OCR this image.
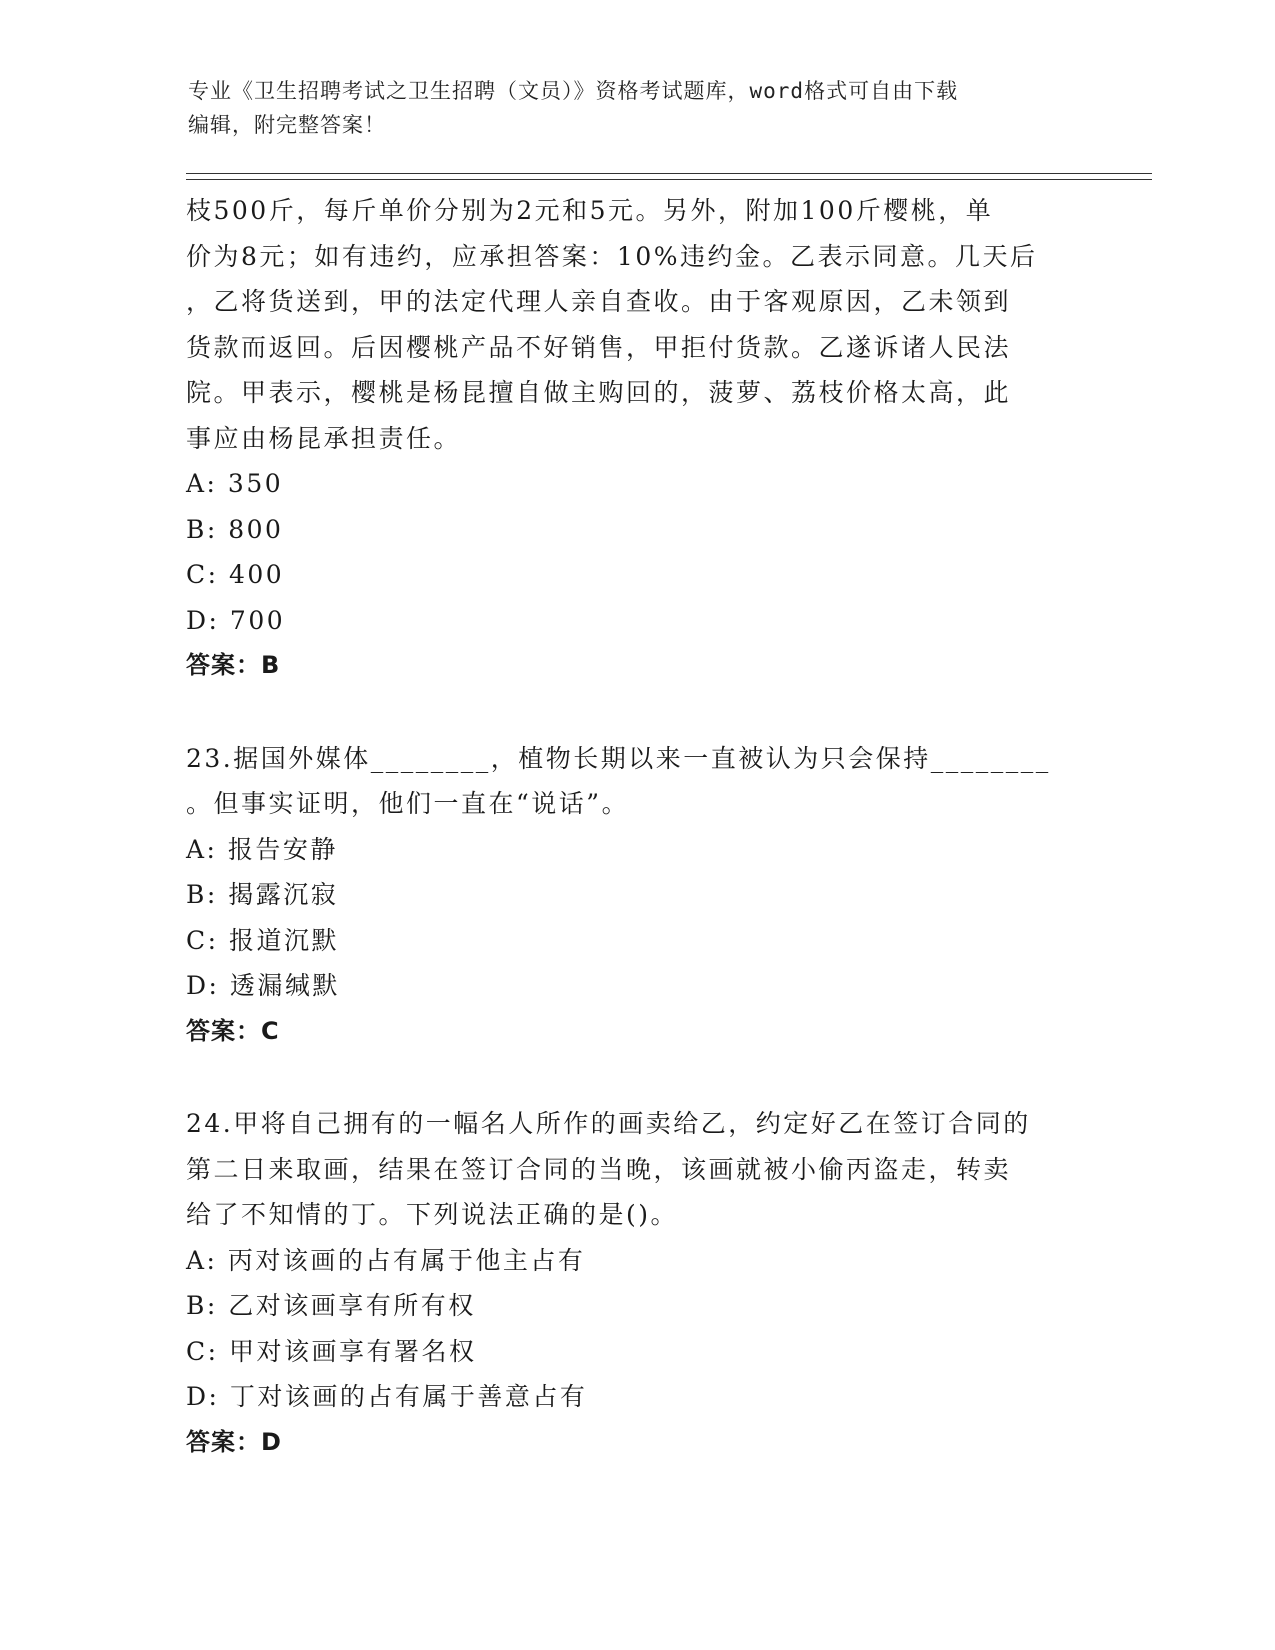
专业《卫生招聘考试之卫生招聘（文员）》资格考试题库，word格式可自由下载
编辑，附完整答案！
枝500斤，每斤单价分别为2元和5元。另外，附加100斤樱桃，单
价为8元；如有违约，应承担答案：10%违约金。乙表示同意。几天后
，乙将货送到，甲的法定代理人亲自查收。由于客观原因，乙未领到
货款而返回。后因樱桃产品不好销售，甲拒付货款。乙遂诉诸人民法
院。甲表示，樱桃是杨昆擅自做主购回的，菠萝、荔枝价格太高，此
事应由杨昆承担责任。
A: 350
B: 800
C: 400
D: 700
答案：B
23.据国外媒体________，植物长期以来一直被认为只会保持________
。但事实证明，他们一直在“说话”。
A: 报告安静
B: 揭露沉寂
C: 报道沉默
D: 透漏缄默
答案：C
24.甲将自己拥有的一幅名人所作的画卖给乙，约定好乙在签订合同的
第二日来取画，结果在签订合同的当晚，该画就被小偷丙盗走，转卖
给了不知情的丁。下列说法正确的是()。
A: 丙对该画的占有属于他主占有
B: 乙对该画享有所有权
C: 甲对该画享有署名权
D: 丁对该画的占有属于善意占有
答案：D
